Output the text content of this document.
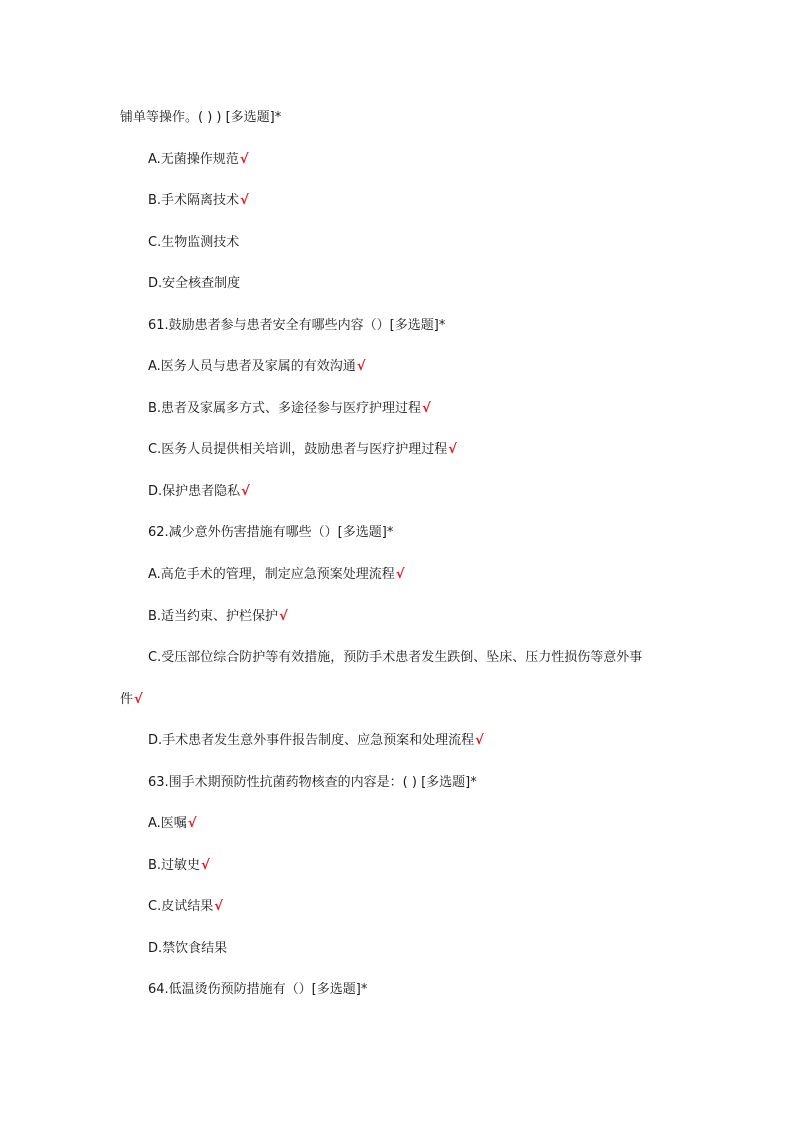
铺单等操作。( ) ) [多选题]*
A.无菌操作规范√
B.手术隔离技术√
C.生物监测技术
D.安全核查制度
61.鼓励患者参与患者安全有哪些内容（）[多选题]*
A.医务人员与患者及家属的有效沟通√
B.患者及家属多方式、多途径参与医疗护理过程√
C.医务人员提供相关培训，鼓励患者与医疗护理过程√
D.保护患者隐私√
62.减少意外伤害措施有哪些（）[多选题]*
A.高危手术的管理，制定应急预案处理流程√
B.适当约束、护栏保护√
C.受压部位综合防护等有效措施，预防手术患者发生跌倒、坠床、压力性损伤等意外事
件√
D.手术患者发生意外事件报告制度、应急预案和处理流程√
63.围手术期预防性抗菌药物核查的内容是：( ) [多选题]*
A.医嘱√
B.过敏史√
C.皮试结果√
D.禁饮食结果
64.低温烫伤预防措施有（）[多选题]*
